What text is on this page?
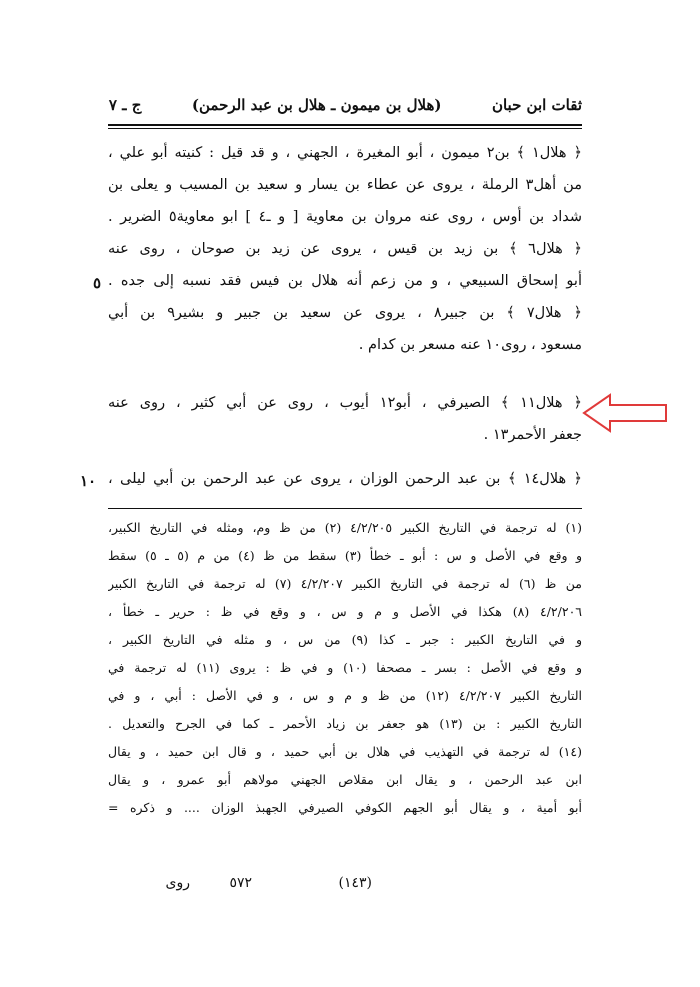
ثقات ابن حبان  (هلال بن ميمون ـ هلال بن عبد الرحمن)  ج ـ ٧
﴿ هلال١ ﴾ بن٢ ميمون ، أبو المغيرة ، الجهني ، و قد قيل : كنيته أبو علي ،
من أهل٣ الرملة ، يروى عن عطاء بن يسار و سعيد بن المسيب و يعلى بن
شداد بن أوس ، روى عنه مروان بن معاوية [ و ـ٤ ] ابو معاوية٥ الضرير .
﴿ هلال٦ ﴾ بن زيد بن قيس ، يروى عن زيد بن صوحان ، روى عنه
أبو إسحاق السبيعي ، و من زعم أنه هلال بن فيس فقد نسبه إلى جده .
﴿ هلال٧ ﴾ بن جبير٨ ، يروى عن سعيد بن جبير و بشير٩ بن أبي
مسعود ، روى١٠ عنه مسعر بن كدام .
﴿ هلال١١ ﴾ الصيرفي ، أبو١٢ أيوب ، روى عن أبي كثير ، روى عنه
جعفر الأحمر١٣ .
﴿ هلال١٤ ﴾ بن عبد الرحمن الوزان ، يروى عن عبد الرحمن بن أبي ليلى ،
٥
١٠
(١) له ترجمة في التاريخ الكبير ٤/٢/٢٠٥ (٢) من ظ وم، ومثله في التاريخ الكبير،
و وقع في الأصل و س : أبو ـ خطأ (٣) سقط من ظ (٤) من م (٥ ـ ٥) سقط
من ظ (٦) له ترجمة في التاريخ الكبير ٤/٢/٢٠٧ (٧) له ترجمة في التاريخ الكبير
٤/٢/٢٠٦ (٨) هكذا في الأصل و م و س ، و وقع في ظ : حرير ـ خطأ ،
و في التاريخ الكبير : جبر ـ كذا (٩) من س ، و مثله في التاريخ الكبير ،
و وقع في الأصل : بسر ـ مصحفا (١٠) و في ظ : يروى (١١) له ترجمة في
التاريخ الكبير ٤/٢/٢٠٧ (١٢) من ظ و م و س ، و في الأصل : أبي ، و في
التاريخ الكبير : بن (١٣) هو جعفر بن زياد الأحمر ـ كما في الجرح والتعديل .
(١٤) له ترجمة في التهذيب في هلال بن أبي حميد ، و قال ابن حميد ، و يقال
ابن عبد الرحمن ، و يقال ابن مقلاص الجهني مولاهم أبو عمرو ، و يقال
أبو أمية ، و يقال أبو الجهم الكوفي الصيرفي الجهبذ الوزان .... و ذكره =
٥٧٢	(١٤٣)
روى
